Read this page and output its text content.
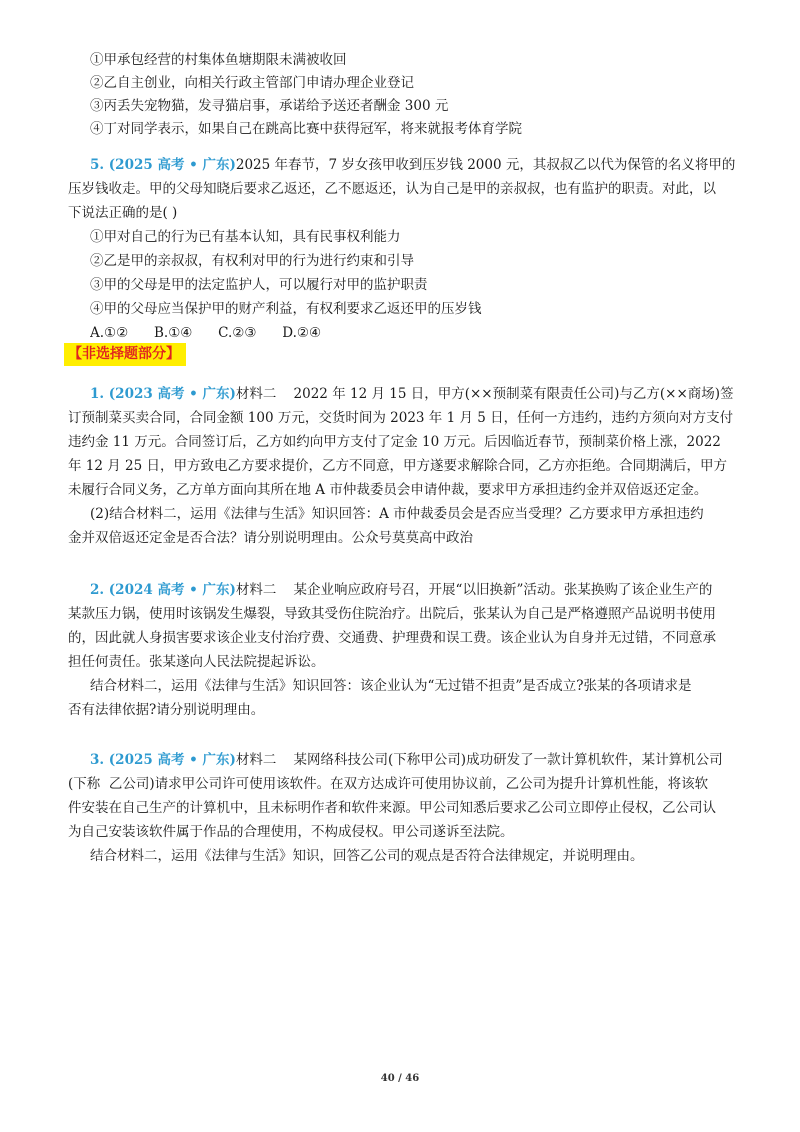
①甲承包经营的村集体鱼塘期限未满被收回
②乙自主创业，向相关行政主管部门申请办理企业登记
③丙丢失宠物猫，发寻猫启事，承诺给予送还者酬金 300 元
④丁对同学表示，如果自己在跳高比赛中获得冠军，将来就报考体育学院
5. (2025 高考 • 广东)2025 年春节，7 岁女孩甲收到压岁钱 2000 元，其叔叔乙以代为保管的名义将甲的
压岁钱收走。甲的父母知晓后要求乙返还，乙不愿返还，认为自己是甲的亲叔叔，也有监护的职责。对此，以
下说法正确的是( )
①甲对自己的行为已有基本认知，具有民事权利能力
②乙是甲的亲叔叔，有权利对甲的行为进行约束和引导
③甲的父母是甲的法定监护人，可以履行对甲的监护职责
④甲的父母应当保护甲的财产利益，有权利要求乙返还甲的压岁钱
A.①②      B.①④      C.②③      D.②④
【非选择题部分】
1. (2023 高考 • 广东)材料二    2022 年 12 月 15 日，甲方(××预制菜有限责任公司)与乙方(××商场)签
订预制菜买卖合同，合同金额 100 万元，交货时间为 2023 年 1 月 5 日，任何一方违约，违约方须向对方支付
违约金 11 万元。合同签订后，乙方如约向甲方支付了定金 10 万元。后因临近春节，预制菜价格上涨，2022
年 12 月 25 日，甲方致电乙方要求提价，乙方不同意，甲方遂要求解除合同，乙方亦拒绝。合同期满后，甲方
未履行合同义务，乙方单方面向其所在地 A 市仲裁委员会申请仲裁，要求甲方承担违约金并双倍返还定金。
(2)结合材料二，运用《法律与生活》知识回答：A 市仲裁委员会是否应当受理？乙方要求甲方承担违约
金并双倍返还定金是否合法？请分别说明理由。公众号莫莫高中政治
2. (2024 高考 • 广东)材料二    某企业响应政府号召，开展“以旧换新”活动。张某换购了该企业生产的
某款压力锅，使用时该锅发生爆裂，导致其受伤住院治疗。出院后，张某认为自己是严格遵照产品说明书使用
的，因此就人身损害要求该企业支付治疗费、交通费、护理费和误工费。该企业认为自身并无过错，不同意承
担任何责任。张某遂向人民法院提起诉讼。
结合材料二，运用《法律与生活》知识回答：该企业认为“无过错不担责”是否成立?张某的各项请求是
否有法律依据?请分别说明理由。
3. (2025 高考 • 广东)材料二    某网络科技公司(下称甲公司)成功研发了一款计算机软件，某计算机公司
(下称  乙公司)请求甲公司许可使用该软件。在双方达成许可使用协议前，乙公司为提升计算机性能，将该软
件安装在自己生产的计算机中，且未标明作者和软件来源。甲公司知悉后要求乙公司立即停止侵权，乙公司认
为自己安装该软件属于作品的合理使用，不构成侵权。甲公司遂诉至法院。
结合材料二，运用《法律与生活》知识，回答乙公司的观点是否符合法律规定，并说明理由。
40 / 46
